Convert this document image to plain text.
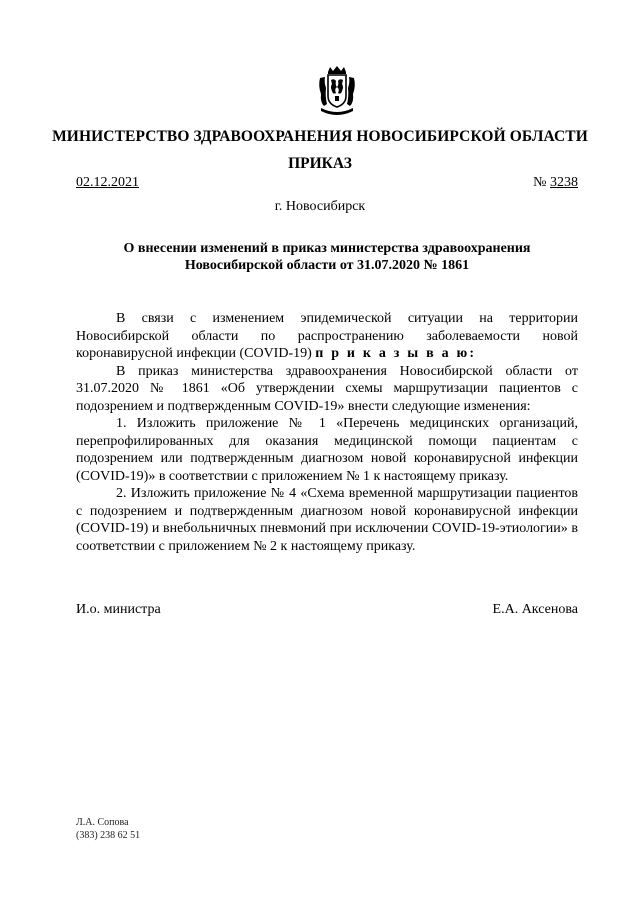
МИНИСТЕРСТВО ЗДРАВООХРАНЕНИЯ НОВОСИБИРСКОЙ ОБЛАСТИ
ПРИКАЗ
02.12.2021	№ 3238
г. Новосибирск
О внесении изменений в приказ министерства здравоохранения
Новосибирской области от 31.07.2020 № 1861

В связи с изменением эпидемической ситуации на территории Новосибирской области по распространению заболеваемости новой коронавирусной инфекции (COVID-19) п р и к а з ы в а ю:

В приказ министерства здравоохранения Новосибирской области от 31.07.2020 № 1861 «Об утверждении схемы маршрутизации пациентов с подозрением и подтвержденным COVID-19» внести следующие изменения:

1. Изложить приложение № 1 «Перечень медицинских организаций, перепрофилированных для оказания медицинской помощи пациентам с подозрением или подтвержденным диагнозом новой коронавирусной инфекции (COVID-19)» в соответствии с приложением № 1 к настоящему приказу.

2. Изложить приложение № 4 «Схема временной маршрутизации пациентов с подозрением и подтвержденным диагнозом новой коронавирусной инфекции (COVID-19) и внебольничных пневмоний при исключении COVID-19-этиологии» в соответствии с приложением № 2 к настоящему приказу.

И.о. министра	Е.А. Аксенова
Л.А. Сопова
(383) 238 62 51
